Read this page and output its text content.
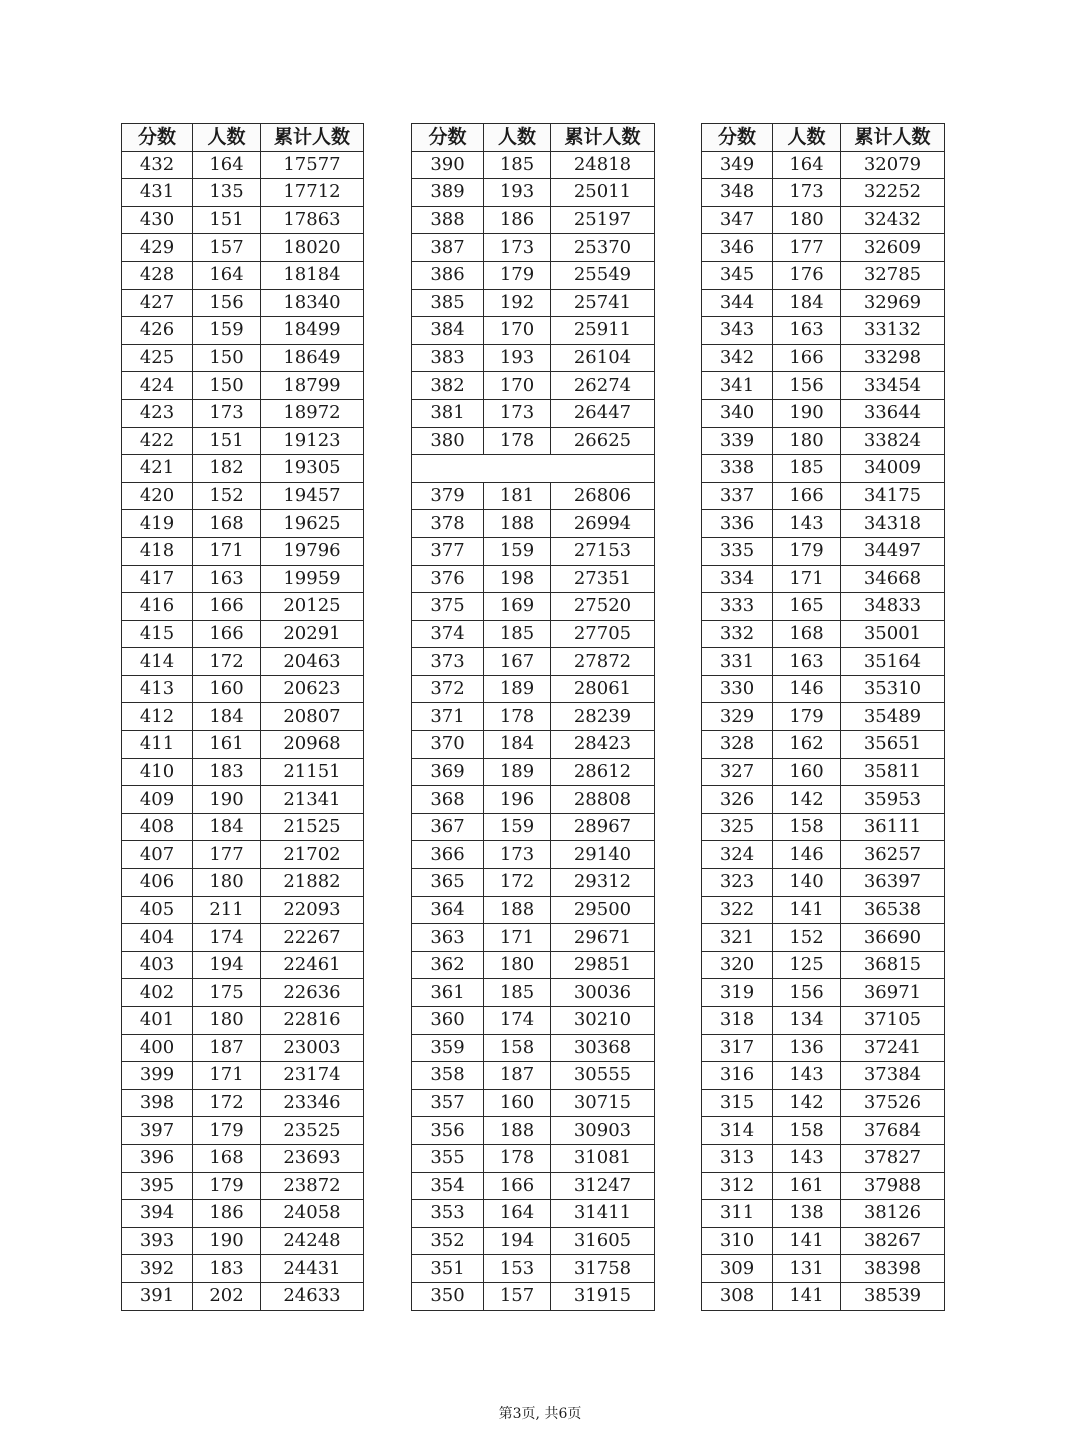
分数	人数	累计人数
432	164	17577
431	135	17712
430	151	17863
429	157	18020
428	164	18184
427	156	18340
426	159	18499
425	150	18649
424	150	18799
423	173	18972
422	151	19123
421	182	19305
420	152	19457
419	168	19625
418	171	19796
417	163	19959
416	166	20125
415	166	20291
414	172	20463
413	160	20623
412	184	20807
411	161	20968
410	183	21151
409	190	21341
408	184	21525
407	177	21702
406	180	21882
405	211	22093
404	174	22267
403	194	22461
402	175	22636
401	180	22816
400	187	23003
399	171	23174
398	172	23346
397	179	23525
396	168	23693
395	179	23872
394	186	24058
393	190	24248
392	183	24431
391	202	24633
分数	人数	累计人数
390	185	24818
389	193	25011
388	186	25197
387	173	25370
386	179	25549
385	192	25741
384	170	25911
383	193	26104
382	170	26274
381	173	26447
380	178	26625

379	181	26806
378	188	26994
377	159	27153
376	198	27351
375	169	27520
374	185	27705
373	167	27872
372	189	28061
371	178	28239
370	184	28423
369	189	28612
368	196	28808
367	159	28967
366	173	29140
365	172	29312
364	188	29500
363	171	29671
362	180	29851
361	185	30036
360	174	30210
359	158	30368
358	187	30555
357	160	30715
356	188	30903
355	178	31081
354	166	31247
353	164	31411
352	194	31605
351	153	31758
350	157	31915
分数	人数	累计人数
349	164	32079
348	173	32252
347	180	32432
346	177	32609
345	176	32785
344	184	32969
343	163	33132
342	166	33298
341	156	33454
340	190	33644
339	180	33824
338	185	34009
337	166	34175
336	143	34318
335	179	34497
334	171	34668
333	165	34833
332	168	35001
331	163	35164
330	146	35310
329	179	35489
328	162	35651
327	160	35811
326	142	35953
325	158	36111
324	146	36257
323	140	36397
322	141	36538
321	152	36690
320	125	36815
319	156	36971
318	134	37105
317	136	37241
316	143	37384
315	142	37526
314	158	37684
313	143	37827
312	161	37988
311	138	38126
310	141	38267
309	131	38398
308	141	38539
第3页, 共6页
